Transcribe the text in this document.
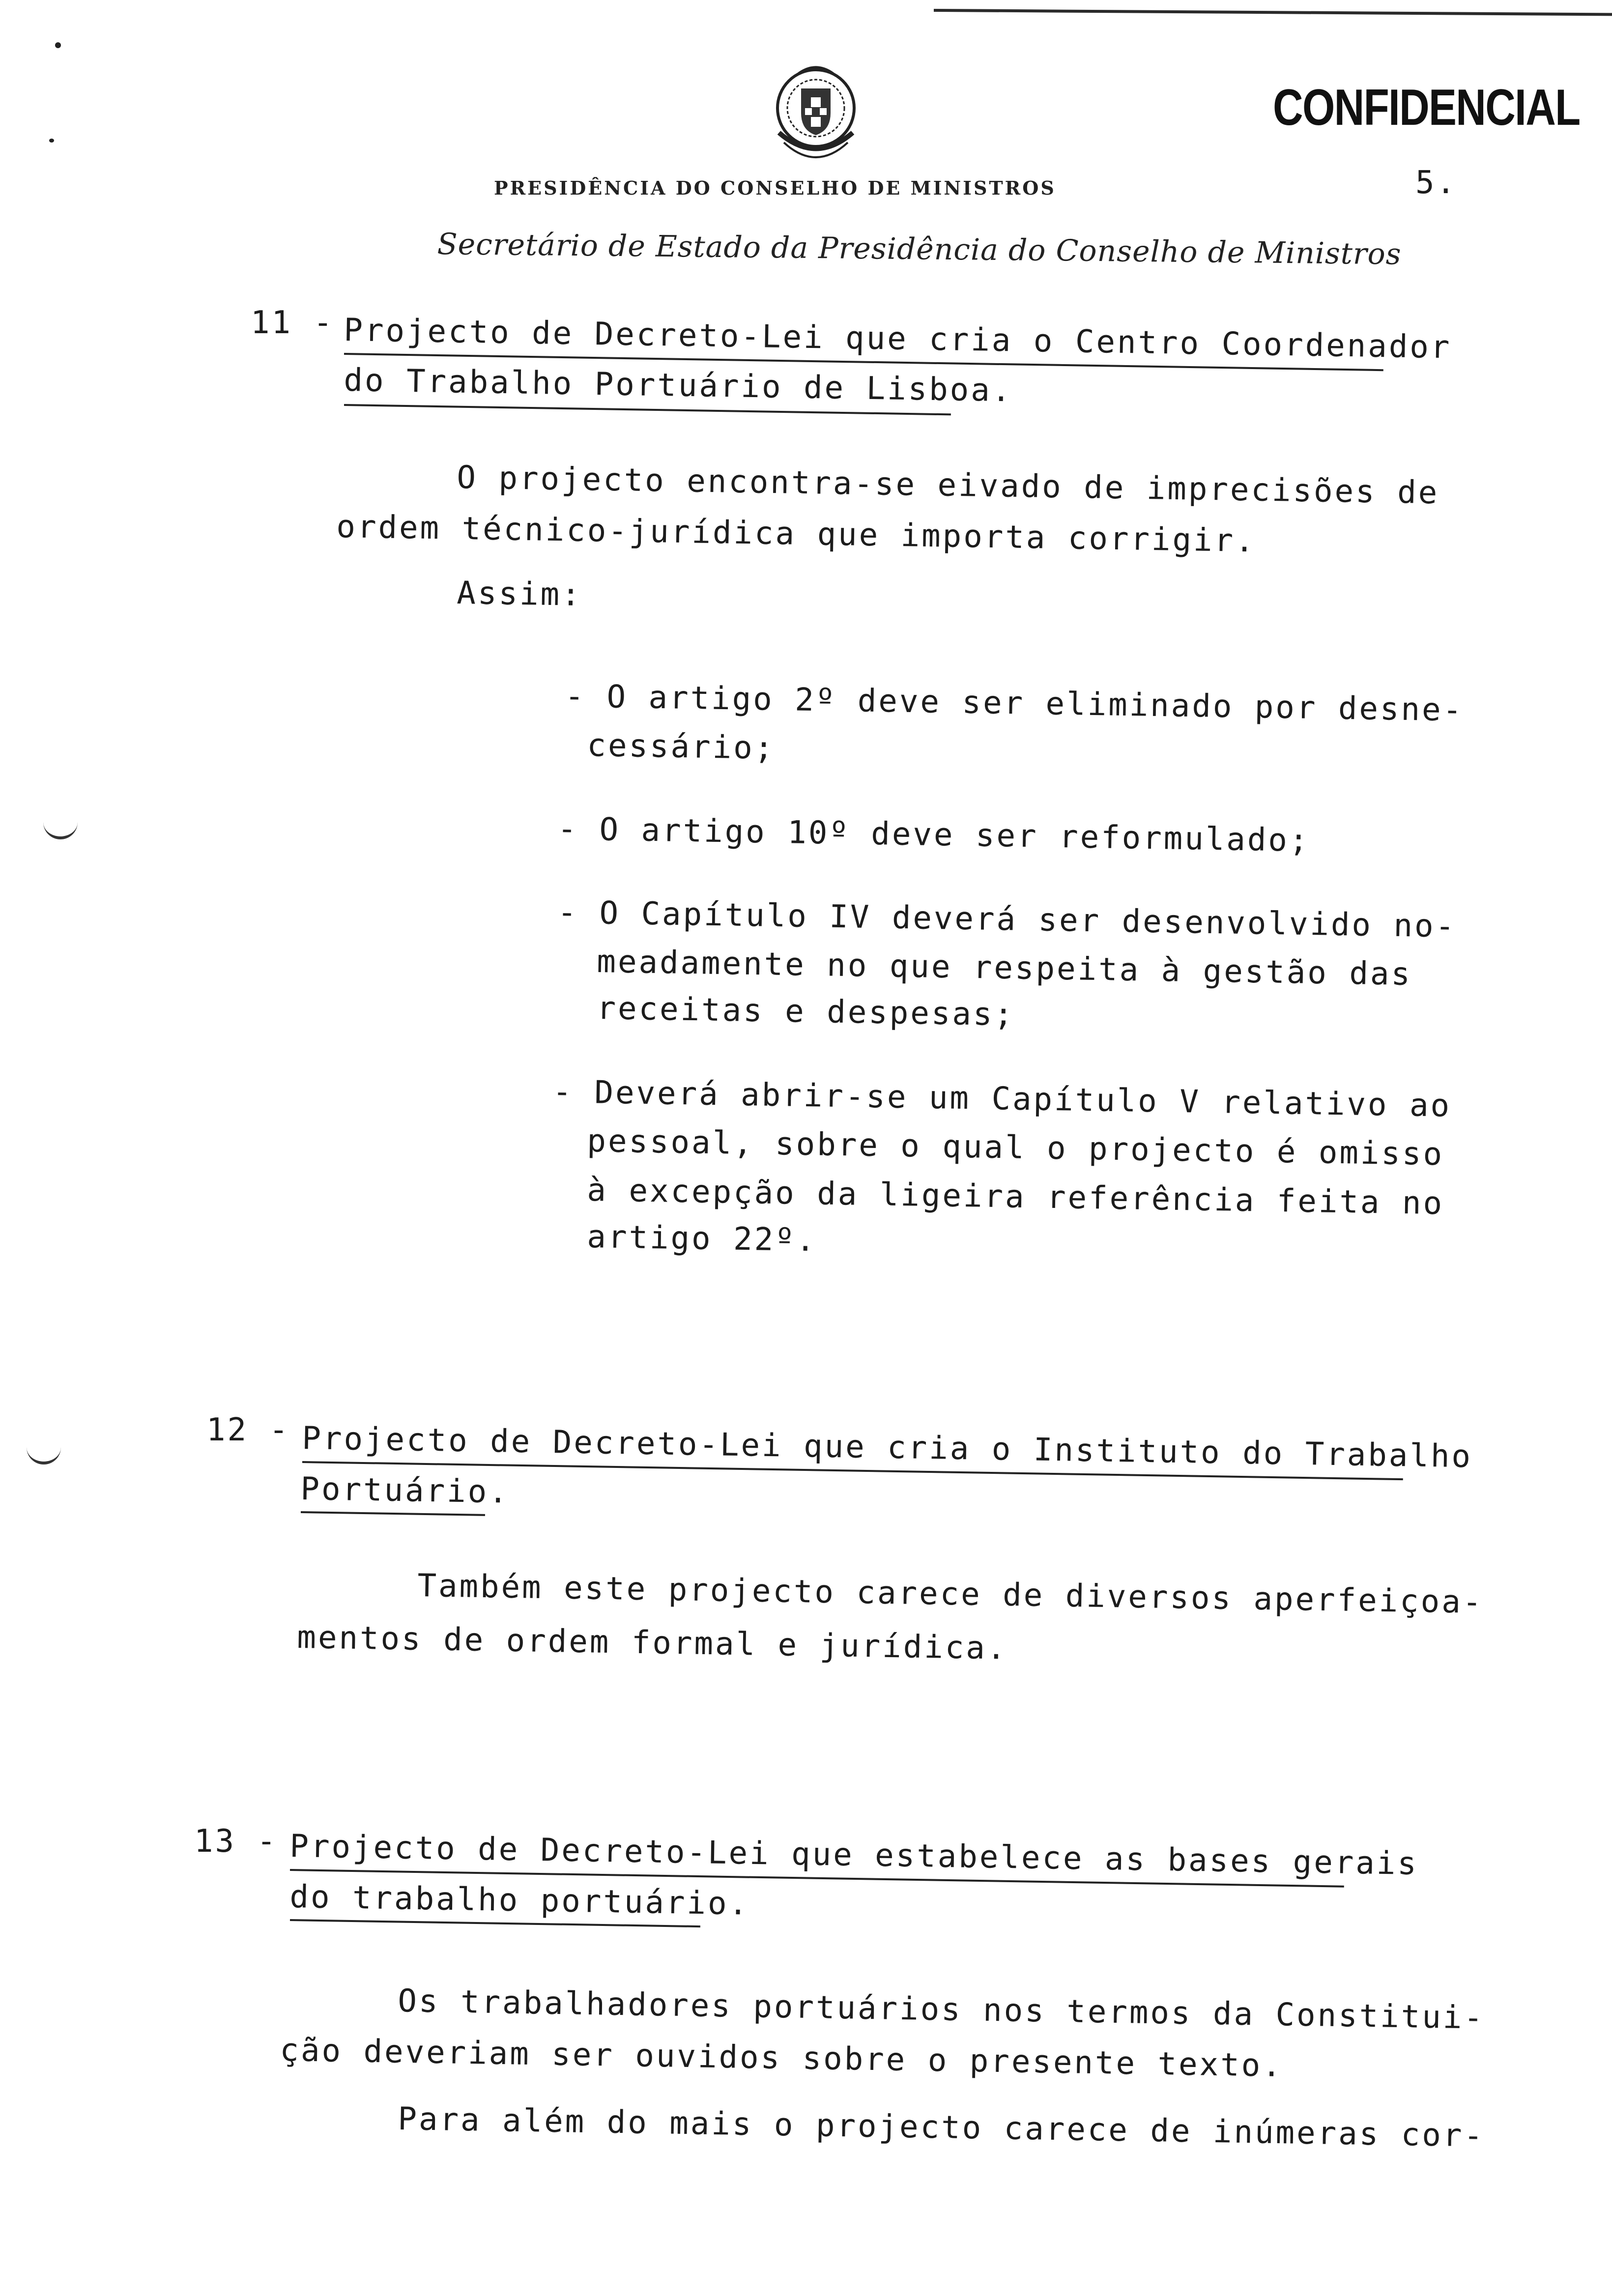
CONFIDENCIAL
5.
PRESIDÊNCIA DO CONSELHO DE MINISTROS
Secretário de Estado da Presidência do Conselho de Ministros
11 - Projecto de Decreto-Lei que cria o Centro Coordenador
do Trabalho Portuário de Lisboa.
O projecto encontra-se eivado de imprecisões de
ordem técnico-jurídica que importa corrigir.
Assim:
- O artigo 2º deve ser eliminado por desne-
cessário;
- O artigo 10º deve ser reformulado;
- O Capítulo IV deverá ser desenvolvido no-
meadamente no que respeita à gestão das
receitas e despesas;
- Deverá abrir-se um Capítulo V relativo ao
pessoal, sobre o qual o projecto é omisso
à excepção da ligeira referência feita no
artigo 22º.
12 - Projecto de Decreto-Lei que cria o Instituto do Trabalho
Portuário.
Também este projecto carece de diversos aperfeiçoa-
mentos de ordem formal e jurídica.
13 - Projecto de Decreto-Lei que estabelece as bases gerais
do trabalho portuário.
Os trabalhadores portuários nos termos da Constitui-
ção deveriam ser ouvidos sobre o presente texto.
Para além do mais o projecto carece de inúmeras cor-
